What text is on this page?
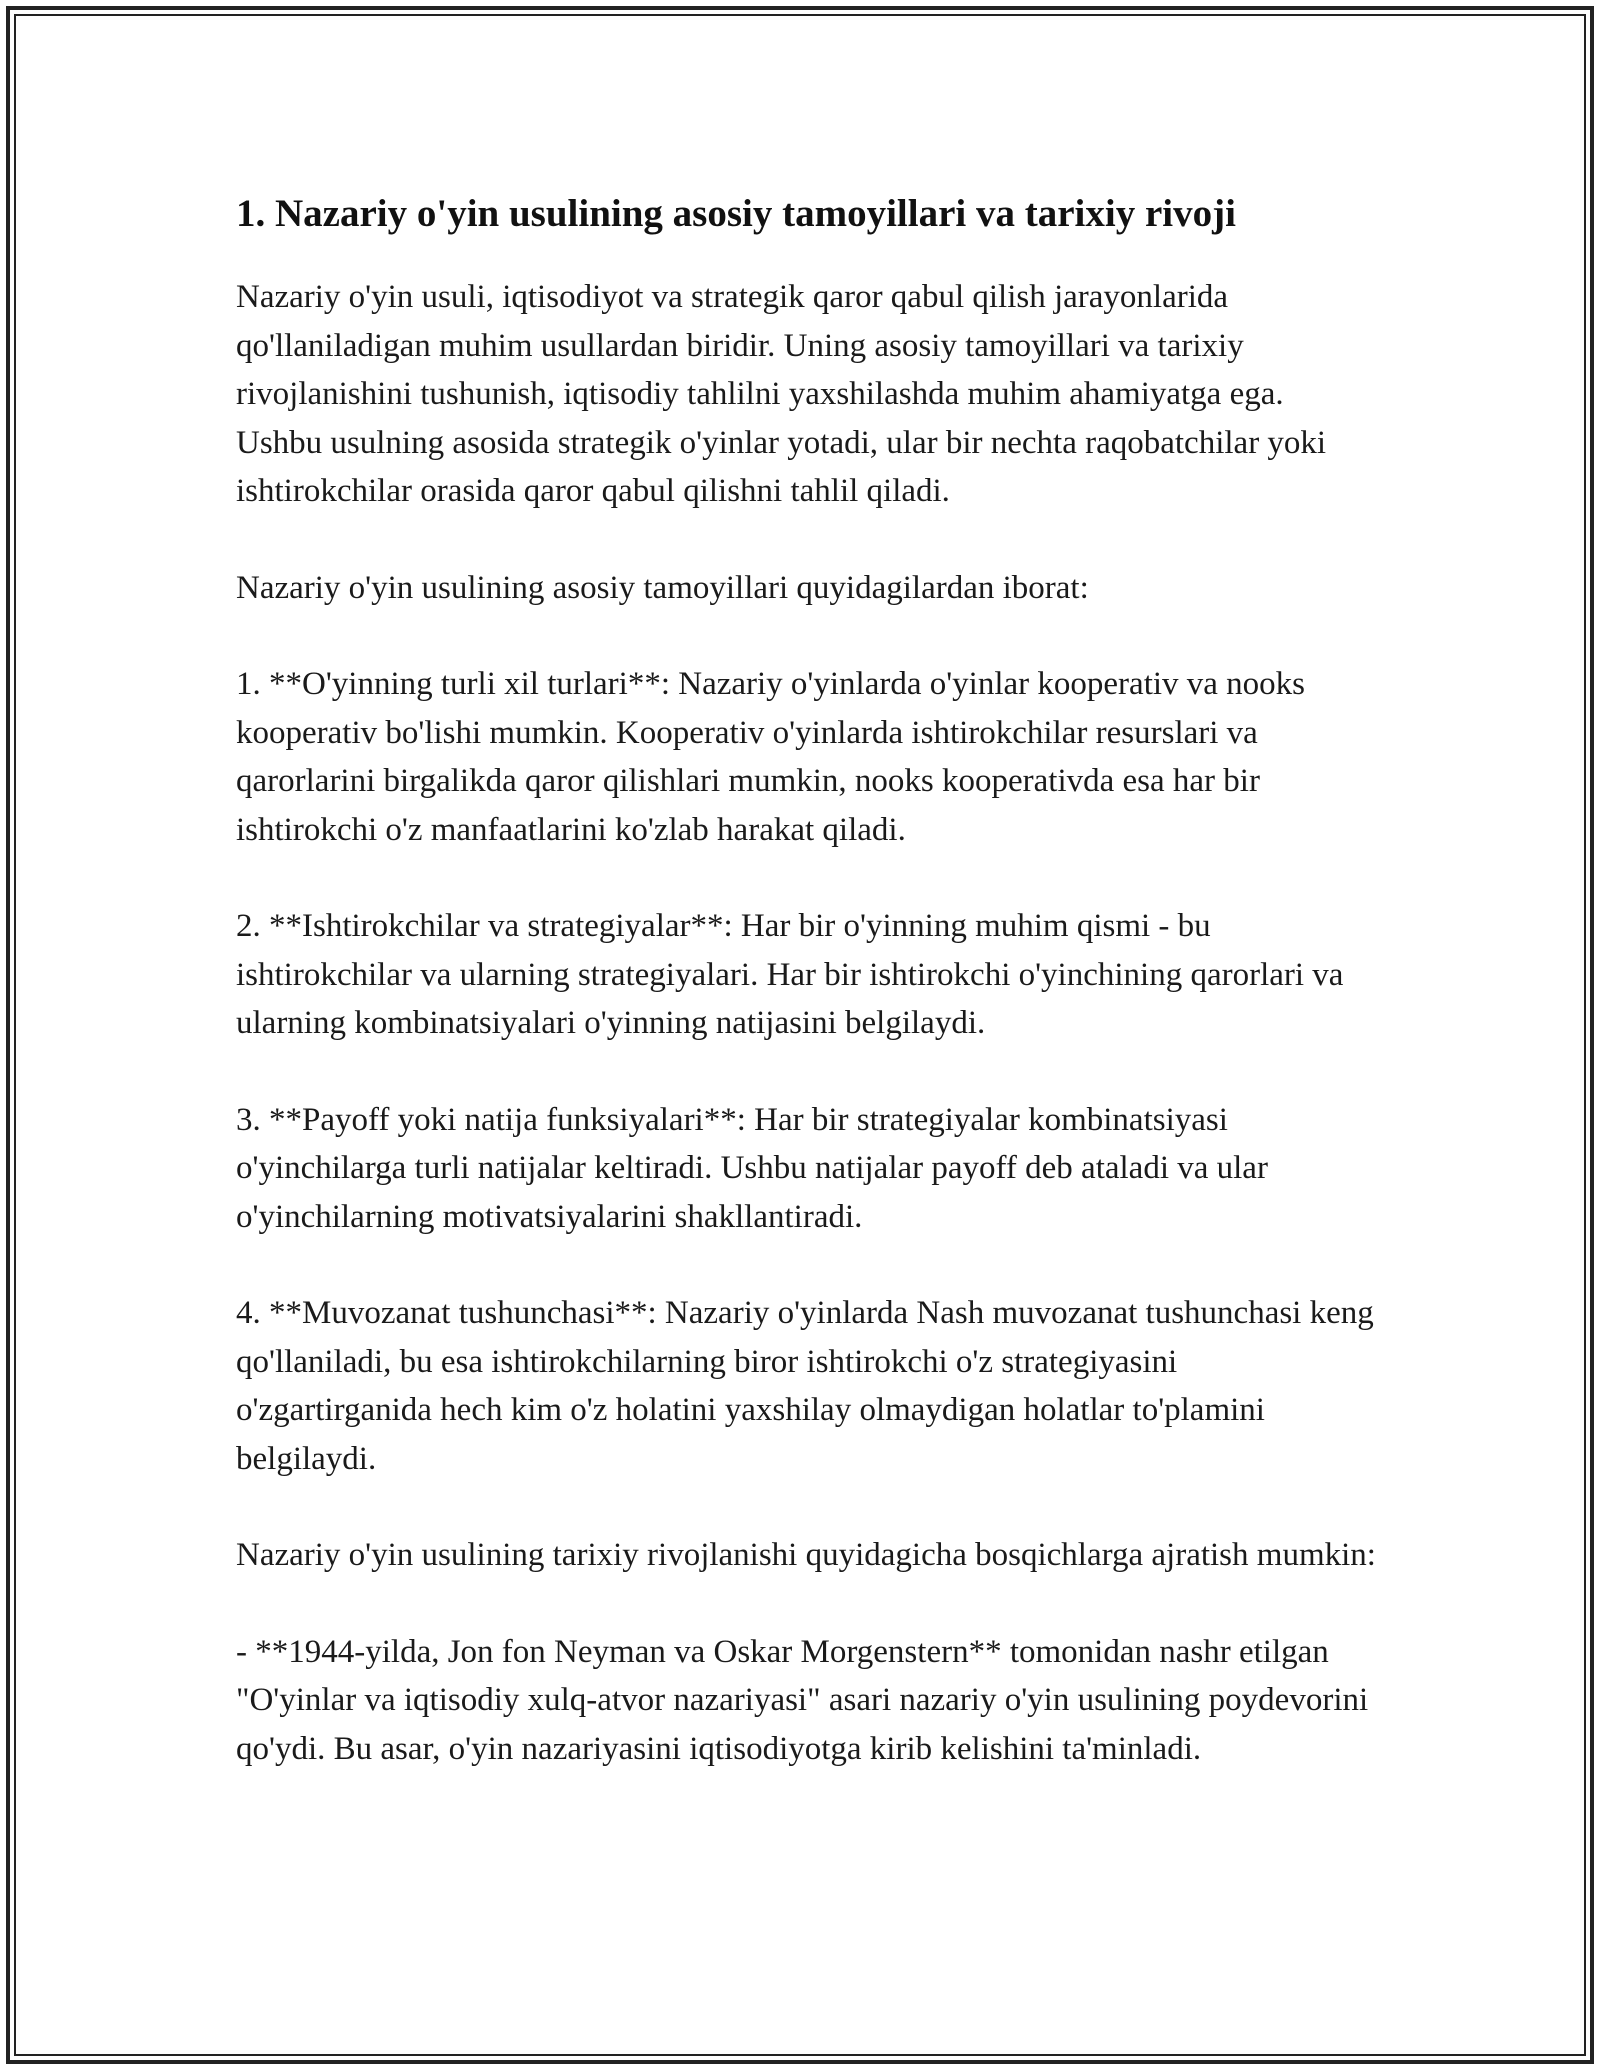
1. Nazariy o'yin usulining asosiy tamoyillari va tarixiy rivoji

Nazariy o'yin usuli, iqtisodiyot va strategik qaror qabul qilish jarayonlarida qo'llaniladigan muhim usullardan biridir. Uning asosiy tamoyillari va tarixiy rivojlanishini tushunish, iqtisodiy tahlilni yaxshilashda muhim ahamiyatga ega. Ushbu usulning asosida strategik o'yinlar yotadi, ular bir nechta raqobatchilar yoki ishtirokchilar orasida qaror qabul qilishni tahlil qiladi.

Nazariy o'yin usulining asosiy tamoyillari quyidagilardan iborat:

1. **O'yinning turli xil turlari**: Nazariy o'yinlarda o'yinlar kooperativ va nooks kooperativ bo'lishi mumkin. Kooperativ o'yinlarda ishtirokchilar resurslari va qarorlarini birgalikda qaror qilishlari mumkin, nooks kooperativda esa har bir ishtirokchi o'z manfaatlarini ko'zlab harakat qiladi.

2. **Ishtirokchilar va strategiyalar**: Har bir o'yinning muhim qismi - bu ishtirokchilar va ularning strategiyalari. Har bir ishtirokchi o'yinchining qarorlari va ularning kombinatsiyalari o'yinning natijasini belgilaydi.

3. **Payoff yoki natija funksiyalari**: Har bir strategiyalar kombinatsiyasi o'yinchilarga turli natijalar keltiradi. Ushbu natijalar payoff deb ataladi va ular o'yinchilarning motivatsiyalarini shakllantiradi.

4. **Muvozanat tushunchasi**: Nazariy o'yinlarda Nash muvozanat tushunchasi keng qo'llaniladi, bu esa ishtirokchilarning biror ishtirokchi o'z strategiyasini o'zgartirganida hech kim o'z holatini yaxshilay olmaydigan holatlar to'plamini belgilaydi.

Nazariy o'yin usulining tarixiy rivojlanishi quyidagicha bosqichlarga ajratish mumkin:

- **1944-yilda, Jon fon Neyman va Oskar Morgenstern** tomonidan nashr etilgan "O'yinlar va iqtisodiy xulq-atvor nazariyasi" asari nazariy o'yin usulining poydevorini qo'ydi. Bu asar, o'yin nazariyasini iqtisodiyotga kirib kelishini ta'minladi.
